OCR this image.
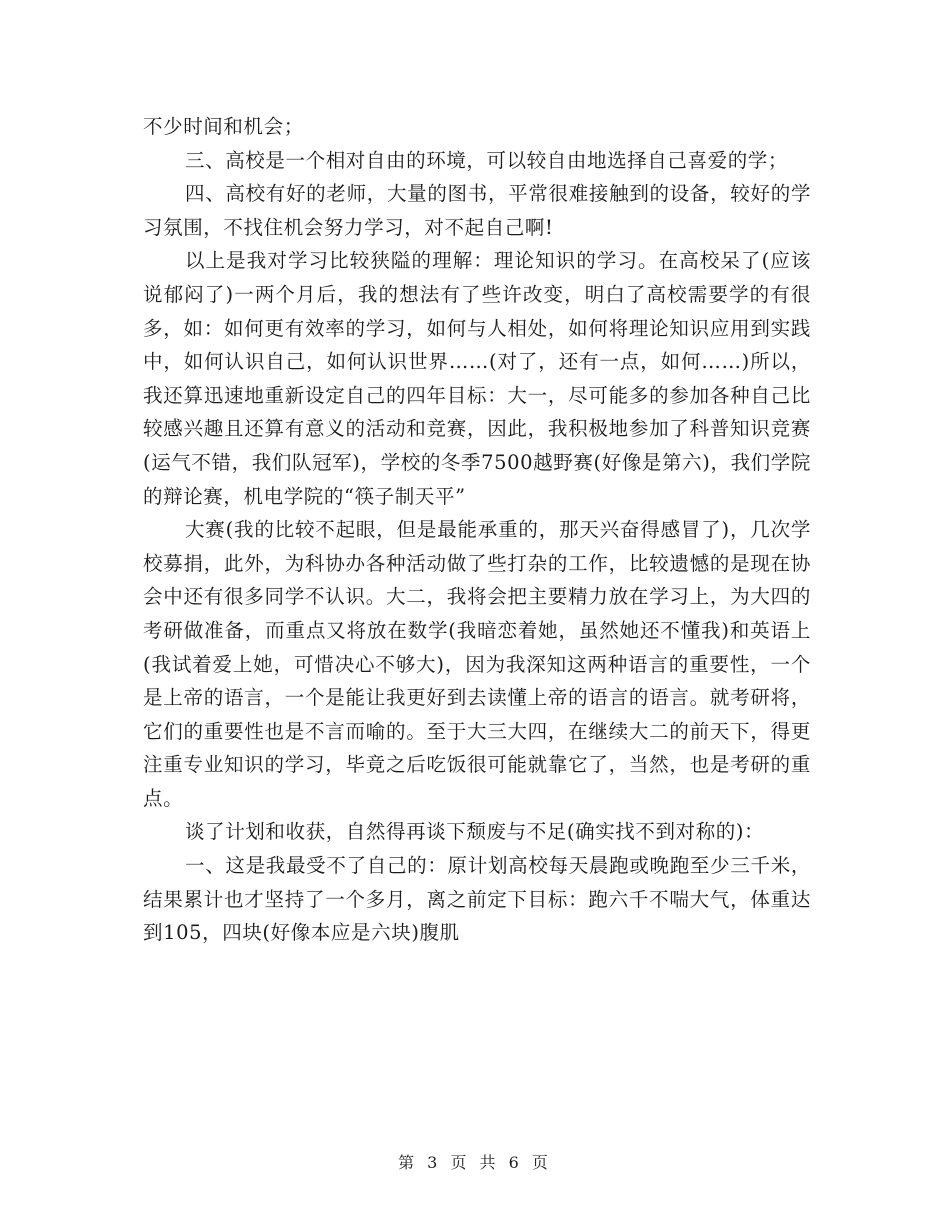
不少时间和机会；

三、高校是一个相对自由的环境，可以较自由地选择自己喜爱的学；

四、高校有好的老师，大量的图书，平常很难接触到的设备，较好的学习氛围，不找住机会努力学习，对不起自己啊!

以上是我对学习比较狭隘的理解：理论知识的学习。在高校呆了(应该说郁闷了)一两个月后，我的想法有了些许改变，明白了高校需要学的有很多，如：如何更有效率的学习，如何与人相处，如何将理论知识应用到实践中，如何认识自己，如何认识世界……(对了，还有一点，如何……)所以，我还算迅速地重新设定自己的四年目标：大一，尽可能多的参加各种自己比较感兴趣且还算有意义的活动和竞赛，因此，我积极地参加了科普知识竞赛(运气不错，我们队冠军)，学校的冬季7500越野赛(好像是第六)，我们学院的辩论赛，机电学院的“筷子制天平”

大赛(我的比较不起眼，但是最能承重的，那天兴奋得感冒了)，几次学校募捐，此外，为科协办各种活动做了些打杂的工作，比较遗憾的是现在协会中还有很多同学不认识。大二，我将会把主要精力放在学习上，为大四的考研做准备，而重点又将放在数学(我暗恋着她，虽然她还不懂我)和英语上(我试着爱上她，可惜决心不够大)，因为我深知这两种语言的重要性，一个是上帝的语言，一个是能让我更好到去读懂上帝的语言的语言。就考研将，它们的重要性也是不言而喻的。至于大三大四，在继续大二的前天下，得更注重专业知识的学习，毕竟之后吃饭很可能就靠它了，当然，也是考研的重点。

谈了计划和收获，自然得再谈下颓废与不足(确实找不到对称的)：

一、这是我最受不了自己的：原计划高校每天晨跑或晚跑至少三千米，结果累计也才坚持了一个多月，离之前定下目标：跑六千不喘大气，体重达到105，四块(好像本应是六块)腹肌

第 3 页 共 6 页
